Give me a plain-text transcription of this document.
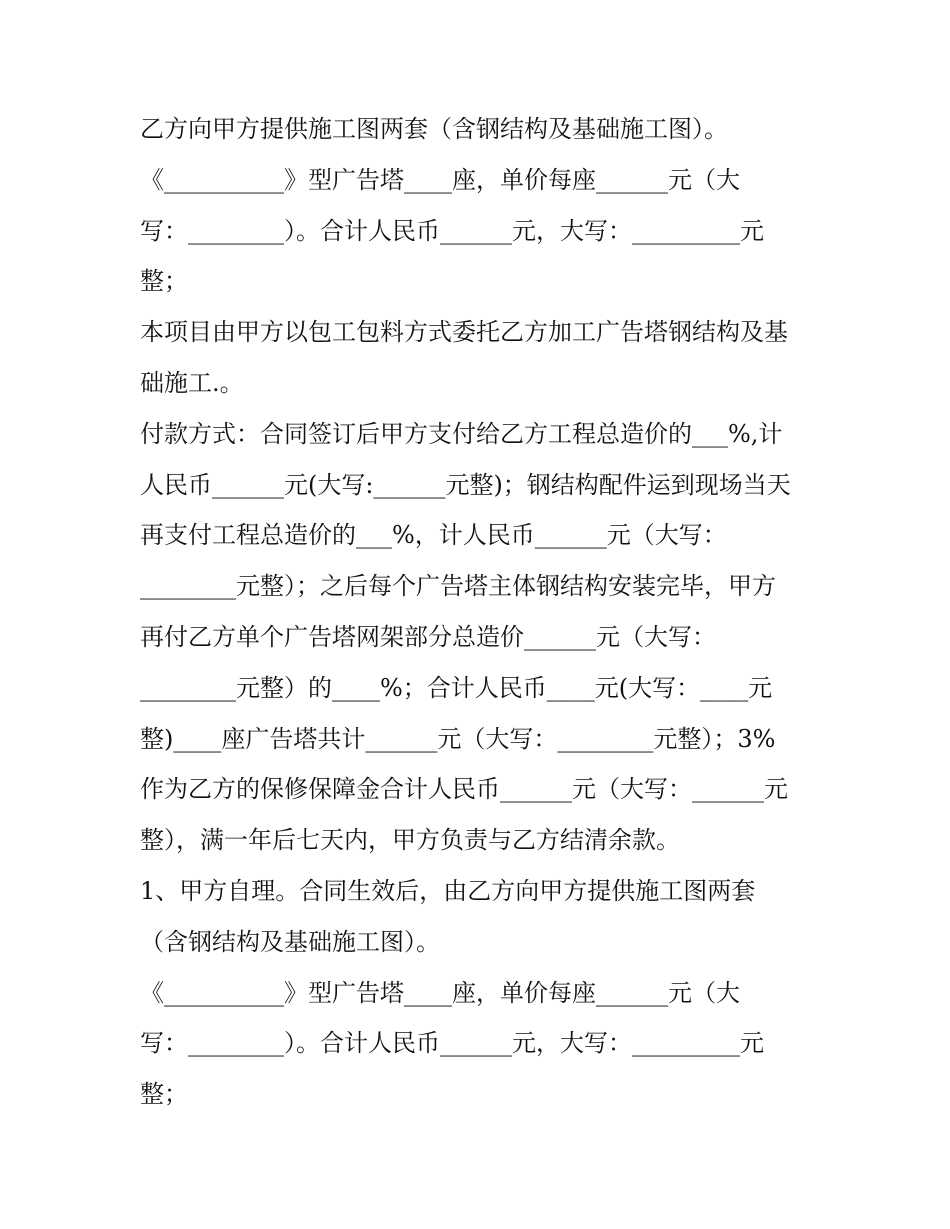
乙方向甲方提供施工图两套（含钢结构及基础施工图）。
《__________》型广告塔____座，单价每座______元（大
写：________）。合计人民币______元，大写：_________元
整；
本项目由甲方以包工包料方式委托乙方加工广告塔钢结构及基
础施工.。
付款方式：合同签订后甲方支付给乙方工程总造价的___%,计
人民币______元(大写:______元整)；钢结构配件运到现场当天
再支付工程总造价的___%，计人民币______元（大写：
________元整）；之后每个广告塔主体钢结构安装完毕，甲方
再付乙方单个广告塔网架部分总造价______元（大写：
________元整）的____%；合计人民币____元(大写：____元
整)____座广告塔共计______元（大写：________元整）；3%
作为乙方的保修保障金合计人民币______元（大写：______元
整），满一年后七天内，甲方负责与乙方结清余款。
1、甲方自理。合同生效后，由乙方向甲方提供施工图两套
（含钢结构及基础施工图）。
《__________》型广告塔____座，单价每座______元（大
写：________）。合计人民币______元，大写：_________元
整；
